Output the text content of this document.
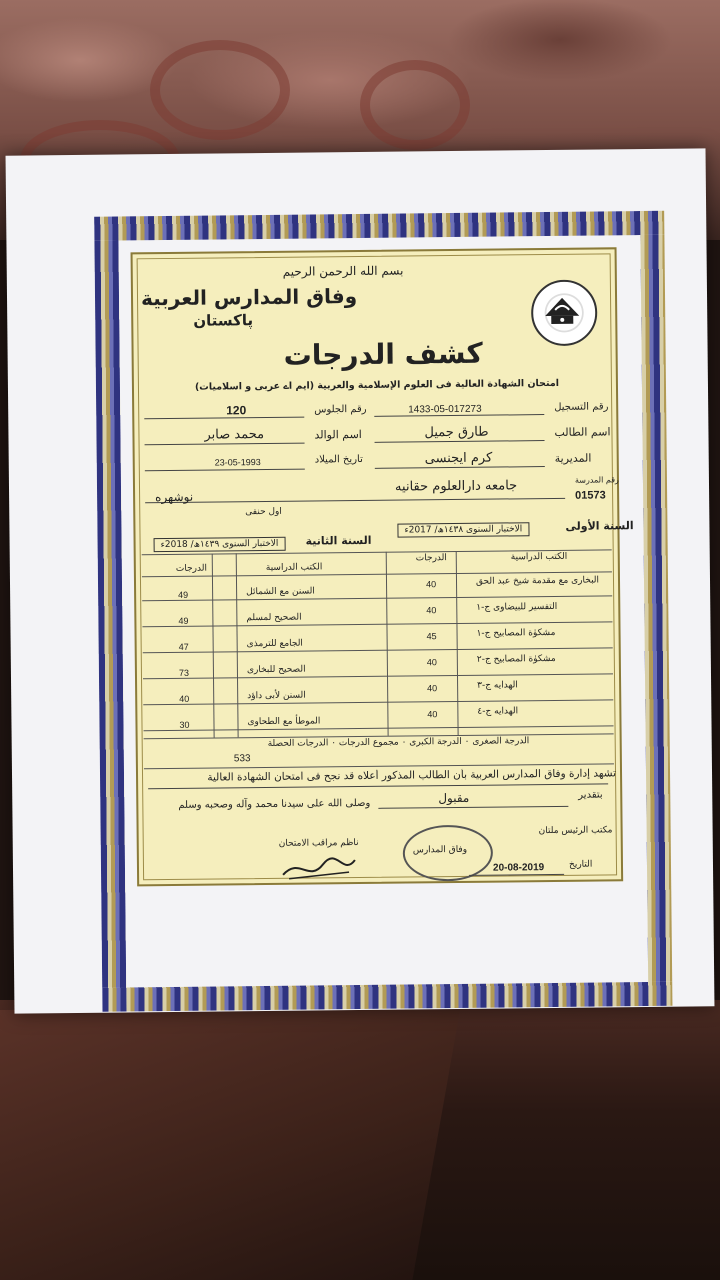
بسم الله الرحمن الرحیم
وفاق المدارس العربیة
پاکستان
کشف الدرجات
امتحان الشھادة العالیة فی العلوم الإسلامیة والعربیة (ایم اے عربی و اسلامیات)
رقم التسجیل
1433-05-017273
رقم الجلوس
120
اسم الطالب
طارق جمیل
اسم الوالد
محمد صابر
المدیریة
کرم ایجنسی
تاریخ المیلاد
23-05-1993
رقم المدرسة
01573
جامعه دارالعلوم حقانیه
نوشهره
اول حنفی
السنة الأولى
الاختبار السنوی ١٤٣٨ھ/ 2017ء
السنة الثانیة
الاختبار السنوی ١٤٣٩ھ/ 2018ء
الکتب الدراسیة
الدرجات
الکتب الدراسیة
الدرجات
البخاری مع مقدمة شیخ عبد الحق
40
التفسیر للبیضاوی ج-١
40
مشکوٰة المصابیح ج-١
45
مشکوٰة المصابیح ج-٢
40
الهدایه ج-٣
40
الهدایه ج-٤
40
السنن مع الشمائل
49
الصحیح لمسلم
49
الجامع للترمذی
47
الصحیح للبخاری
73
السنن لأبی داؤد
40
الموطأ مع الطحاوی
30
الدرجة الصغرى ٠ الدرجة الکبرى ٠ مجموع الدرجات ٠ الدرجات الحصلة
533
تشهد إدارة وفاق المدارس العربیة بأن الطالب المذکور أعلاه قد نجح فی امتحان الشهادة العالیة
بتقدیر
مقبول
وصلی الله علی سیدنا محمد وآله وصحبه وسلم
مکتب الرئیس ملتان
وفاق المدارس
ناظم مراقب الامتحان
التاریخ
20-08-2019
